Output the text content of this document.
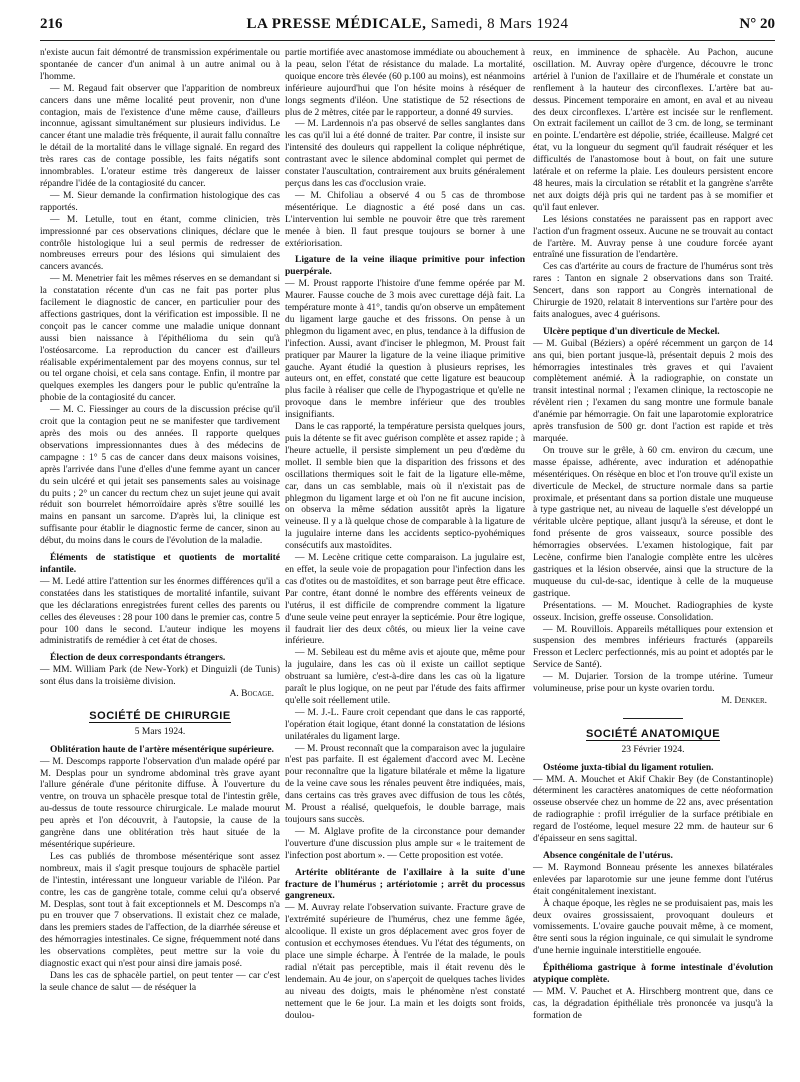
216	LA PRESSE MÉDICALE, Samedi, 8 Mars 1924	N° 20

n'existe aucun fait démontré de transmission expérimentale ou spontanée de cancer d'un animal à un autre animal ou à l'homme.

— M. Regaud fait observer que l'apparition de nombreux cancers dans une même localité peut provenir, non d'une contagion, mais de l'existence d'une même cause, d'ailleurs inconnue, agissant simultanément sur plusieurs individus. Le cancer étant une maladie très fréquente, il aurait fallu connaître le détail de la mortalité dans le village signalé. En regard des très rares cas de contage possible, les faits négatifs sont innombrables. L'orateur estime très dangereux de laisser répandre l'idée de la contagiosité du cancer.

— M. Sieur demande la confirmation histologique des cas rapportés.

— M. Letulle, tout en étant, comme clinicien, très impressionné par ces observations cliniques, déclare que le contrôle histologique lui a seul permis de redresser de nombreuses erreurs pour des lésions qui simulaient des cancers avancés.

— M. Menetrier fait les mêmes réserves en se demandant si la constatation récente d'un cas ne fait pas porter plus facilement le diagnostic de cancer, en particulier pour des affections gastriques, dont la vérification est impossible. Il ne conçoit pas le cancer comme une maladie unique donnant aussi bien naissance à l'épithélioma du sein qu'à l'ostéosarcome. La reproduction du cancer est d'ailleurs réalisable expérimentalement par des moyens connus, sur tel ou tel organe choisi, et cela sans contage. Enfin, il montre par quelques exemples les dangers pour le public qu'entraîne la phobie de la contagiosité du cancer.

— M. C. Fiessinger au cours de la discussion précise qu'il croit que la contagion peut ne se manifester que tardivement après des mois ou des années. Il rapporte quelques observations impressionnantes dues à des médecins de campagne : 1° 5 cas de cancer dans deux maisons voisines, après l'arrivée dans l'une d'elles d'une femme ayant un cancer du sein ulcéré et qui jetait ses pansements sales au voisinage du puits ; 2° un cancer du rectum chez un sujet jeune qui avait réduit son bourrelet hémorroïdaire après s'être souillé les mains en pansant un sarcome. D'après lui, la clinique est suffisante pour établir le diagnostic ferme de cancer, sinon au début, du moins dans le cours de l'évolution de la maladie.

Éléments de statistique et quotients de mortalité infantile.

— M. Ledé attire l'attention sur les énormes différences qu'il a constatées dans les statistiques de mortalité infantile, suivant que les déclarations enregistrées furent celles des parents ou celles des éleveuses : 28 pour 100 dans le premier cas, contre 5 pour 100 dans le second. L'auteur indique les moyens administratifs de remédier à cet état de choses.

Élection de deux correspondants étrangers.

— MM. William Park (de New-York) et Dinguizli (de Tunis) sont élus dans la troisième division.

A. Bocage.

SOCIÉTÉ DE CHIRURGIE
5 Mars 1924.
Oblitération haute de l'artère mésentérique supérieure.

— M. Descomps rapporte l'observation d'un malade opéré par M. Desplas pour un syndrome abdominal très grave ayant l'allure générale d'une péritonite diffuse. À l'ouverture du ventre, on trouva un sphacèle presque total de l'intestin grêle, au-dessus de toute ressource chirurgicale. Le malade mourut peu après et l'on découvrit, à l'autopsie, la cause de la gangrène dans une oblitération très haut située de la mésentérique supérieure.

Les cas publiés de thrombose mésentérique sont assez nombreux, mais il s'agit presque toujours de sphacèle partiel de l'intestin, intéressant une longueur variable de l'iléon. Par contre, les cas de gangrène totale, comme celui qu'a observé M. Desplas, sont tout à fait exceptionnels et M. Descomps n'a pu en trouver que 7 observations. Il existait chez ce malade, dans les premiers stades de l'affection, de la diarrhée séreuse et des hémorragies intestinales. Ce signe, fréquemment noté dans les observations complètes, peut mettre sur la voie du diagnostic exact qui n'est pour ainsi dire jamais posé.

Dans les cas de sphacèle partiel, on peut tenter — car c'est la seule chance de salut — de réséquer la

partie mortifiée avec anastomose immédiate ou abouchement à la peau, selon l'état de résistance du malade. La mortalité, quoique encore très élevée (60 p.100 au moins), est néanmoins inférieure aujourd'hui que l'on hésite moins à réséquer de longs segments d'iléon. Une statistique de 52 résections de plus de 2 mètres, citée par le rapporteur, a donné 49 survies.

— M. Lardennois n'a pas observé de selles sanglantes dans les cas qu'il lui a été donné de traiter. Par contre, il insiste sur l'intensité des douleurs qui rappellent la colique néphrétique, contrastant avec le silence abdominal complet qui permet de constater l'auscultation, contrairement aux bruits généralement perçus dans les cas d'occlusion vraie.

— M. Chifoliau a observé 4 ou 5 cas de thrombose mésentérique. Le diagnostic a été posé dans un cas. L'intervention lui semble ne pouvoir être que très rarement menée à bien. Il faut presque toujours se borner à une extériorisation.

Ligature de la veine iliaque primitive pour infection puerpérale.

— M. Proust rapporte l'histoire d'une femme opérée par M. Maurer. Fausse couche de 3 mois avec curettage déjà fait. La température monte à 41°, tandis qu'on observe un empâtement du ligament large gauche et des frissons. On pense à un phlegmon du ligament avec, en plus, tendance à la diffusion de l'infection. Aussi, avant d'inciser le phlegmon, M. Proust fait pratiquer par Maurer la ligature de la veine iliaque primitive gauche. Ayant étudié la question à plusieurs reprises, les auteurs ont, en effet, constaté que cette ligature est beaucoup plus facile à réaliser que celle de l'hypogastrique et qu'elle ne provoque dans le membre inférieur que des troubles insignifiants.

Dans le cas rapporté, la température persista quelques jours, puis la détente se fit avec guérison complète et assez rapide ; à l'heure actuelle, il persiste simplement un peu d'œdème du mollet. Il semble bien que la disparition des frissons et des oscillations thermiques soit le fait de la ligature elle-même, car, dans un cas semblable, mais où il n'existait pas de phlegmon du ligament large et où l'on ne fit aucune incision, on observa la même sédation aussitôt après la ligature veineuse. Il y a là quelque chose de comparable à la ligature de la jugulaire interne dans les accidents septico-pyohémiques consécutifs aux mastoïdites.

— M. Lecène critique cette comparaison. La jugulaire est, en effet, la seule voie de propagation pour l'infection dans les cas d'otites ou de mastoïdites, et son barrage peut être efficace. Par contre, étant donné le nombre des efférents veineux de l'utérus, il est difficile de comprendre comment la ligature d'une seule veine peut enrayer la septicémie. Pour être logique, il faudrait lier des deux côtés, ou mieux lier la veine cave inférieure.

— M. Sebileau est du même avis et ajoute que, même pour la jugulaire, dans les cas où il existe un caillot septique obstruant sa lumière, c'est-à-dire dans les cas où la ligature paraît le plus logique, on ne peut par l'étude des faits affirmer qu'elle soit réellement utile.

— M. J.-L. Faure croit cependant que dans le cas rapporté, l'opération était logique, étant donné la constatation de lésions unilatérales du ligament large.

— M. Proust reconnaît que la comparaison avec la jugulaire n'est pas parfaite. Il est également d'accord avec M. Lecène pour reconnaître que la ligature bilatérale et même la ligature de la veine cave sous les rénales peuvent être indiquées, mais, dans certains cas très graves avec diffusion de tous les côtés, M. Proust a réalisé, quelquefois, le double barrage, mais toujours sans succès.

— M. Alglave profite de la circonstance pour demander l'ouverture d'une discussion plus ample sur « le traitement de l'infection post abortum ». — Cette proposition est votée.

Artérite oblitérante de l'axillaire à la suite d'une fracture de l'humérus ; artériotomie ; arrêt du processus gangreneux.

— M. Auvray relate l'observation suivante. Fracture grave de l'extrémité supérieure de l'humérus, chez une femme âgée, alcoolique. Il existe un gros déplacement avec gros foyer de contusion et ecchymoses étendues. Vu l'état des téguments, on place une simple écharpe. À l'entrée de la malade, le pouls radial n'était pas perceptible, mais il était revenu dès le lendemain. Au 4e jour, on s'aperçoit de quelques taches livides au niveau des doigts, mais le phénomène n'est constaté nettement que le 6e jour. La main et les doigts sont froids, doulou-

reux, en imminence de sphacèle. Au Pachon, aucune oscillation. M. Auvray opère d'urgence, découvre le tronc artériel à l'union de l'axillaire et de l'humérale et constate un renflement à la hauteur des circonflexes. L'artère bat au-dessus. Pincement temporaire en amont, en aval et au niveau des deux circonflexes. L'artère est incisée sur le renflement. On extrait facilement un caillot de 3 cm. de long, se terminant en pointe. L'endartère est dépolie, striée, écailleuse. Malgré cet état, vu la longueur du segment qu'il faudrait réséquer et les difficultés de l'anastomose bout à bout, on fait une suture latérale et on referme la plaie. Les douleurs persistent encore 48 heures, mais la circulation se rétablit et la gangrène s'arrête net aux doigts déjà pris qui ne tardent pas à se momifier et qu'il faut enlever.

Les lésions constatées ne paraissent pas en rapport avec l'action d'un fragment osseux. Aucune ne se trouvait au contact de l'artère. M. Auvray pense à une coudure forcée ayant entraîné une fissuration de l'endartère.

Ces cas d'artérite au cours de fracture de l'humérus sont très rares : Tanton en signale 2 observations dans son Traité. Sencert, dans son rapport au Congrès international de Chirurgie de 1920, relatait 8 interventions sur l'artère pour des faits analogues, avec 4 guérisons.

Ulcère peptique d'un diverticule de Meckel.

— M. Guibal (Béziers) a opéré récemment un garçon de 14 ans qui, bien portant jusque-là, présentait depuis 2 mois des hémorragies intestinales très graves et qui l'avaient complètement anémié. À la radiographie, on constate un transit intestinal normal ; l'examen clinique, la rectoscopie ne révèlent rien ; l'examen du sang montre une formule banale d'anémie par hémorragie. On fait une laparotomie exploratrice après transfusion de 500 gr. dont l'action est rapide et très marquée.

On trouve sur le grêle, à 60 cm. environ du cæcum, une masse épaisse, adhérente, avec induration et adénopathie mésentériques. On résèque en bloc et l'on trouve qu'il existe un diverticule de Meckel, de structure normale dans sa partie proximale, et présentant dans sa portion distale une muqueuse à type gastrique net, au niveau de laquelle s'est développé un véritable ulcère peptique, allant jusqu'à la séreuse, et dont le fond présente de gros vaisseaux, source possible des hémorragies observées. L'examen histologique, fait par Lecène, confirme bien l'analogie complète entre les ulcères gastriques et la lésion observée, ainsi que la structure de la muqueuse du cul-de-sac, identique à celle de la muqueuse gastrique.

Présentations. — M. Mouchet. Radiographies de kyste osseux. Incision, greffe osseuse. Consolidation.

— M. Rouvillois. Appareils métalliques pour extension et suspension des membres inférieurs fracturés (appareils Fresson et Leclerc perfectionnés, mis au point et adoptés par le Service de Santé).

— M. Dujarier. Torsion de la trompe utérine. Tumeur volumineuse, prise pour un kyste ovarien tordu.

M. Denker.

SOCIÉTÉ ANATOMIQUE
23 Février 1924.
Ostéome juxta-tibial du ligament rotulien.

— MM. A. Mouchet et Akif Chakir Bey (de Constantinople) déterminent les caractères anatomiques de cette néoformation osseuse observée chez un homme de 22 ans, avec présentation de radiographie : profil irrégulier de la surface prétibiale en regard de l'ostéome, lequel mesure 22 mm. de hauteur sur 6 d'épaisseur en sens sagittal.

Absence congénitale de l'utérus.

— M. Raymond Bonneau présente les annexes bilatérales enlevées par laparotomie sur une jeune femme dont l'utérus était congénitalement inexistant.

À chaque époque, les règles ne se produisaient pas, mais les deux ovaires grossissaient, provoquant douleurs et vomissements. L'ovaire gauche pouvait même, à ce moment, être senti sous la région inguinale, ce qui simulait le syndrome d'une hernie inguinale interstitielle engouée.

Épithélioma gastrique à forme intestinale d'évolution atypique complète.

— MM. V. Pauchet et A. Hirschberg montrent que, dans ce cas, la dégradation épithéliale très prononcée va jusqu'à la formation de
